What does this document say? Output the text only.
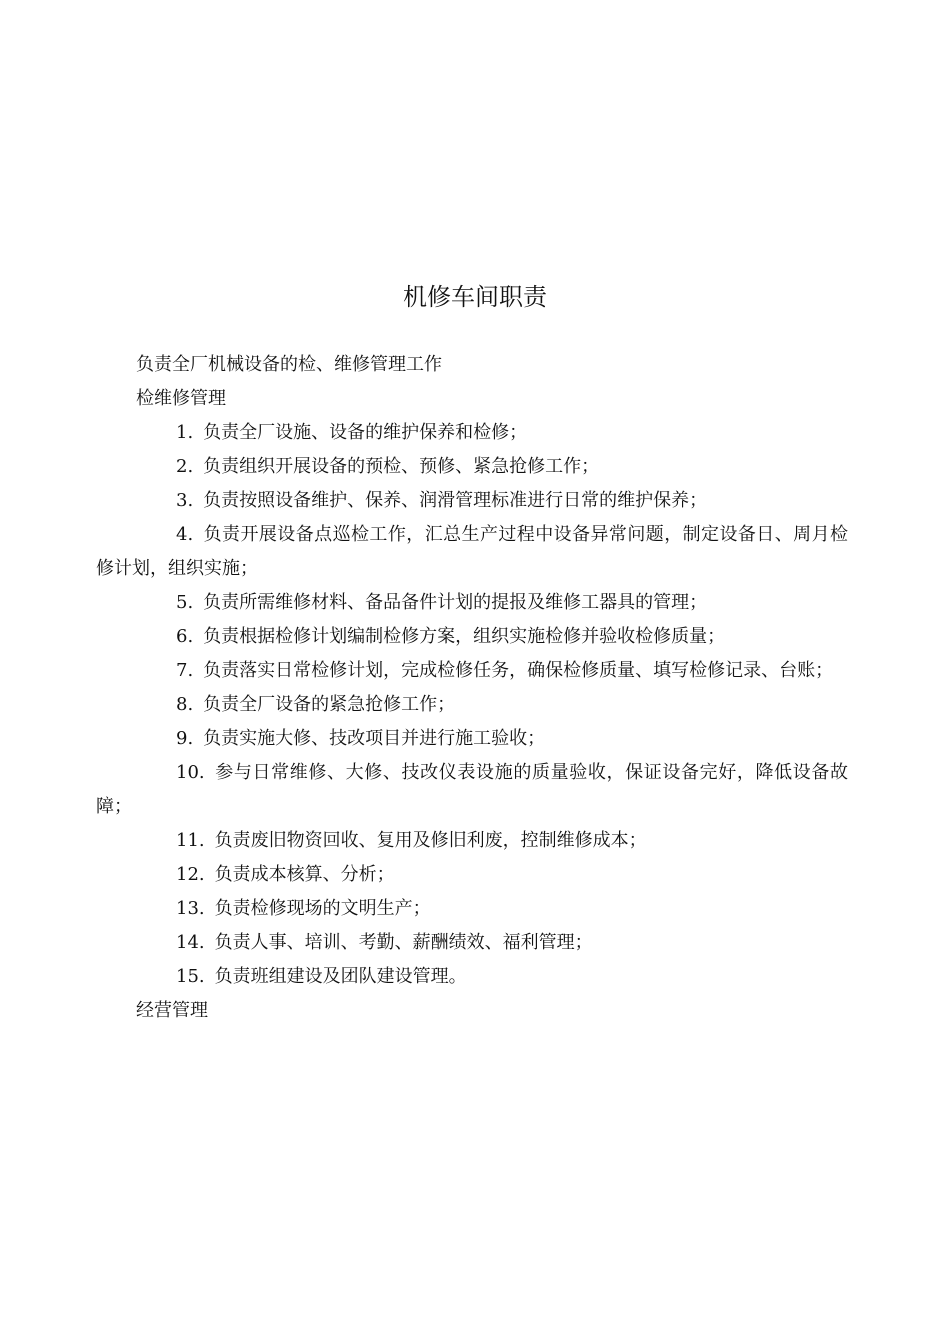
机修车间职责

负责全厂机械设备的检、维修管理工作

检维修管理

1. 负责全厂设施、设备的维护保养和检修；

2. 负责组织开展设备的预检、预修、紧急抢修工作；

3. 负责按照设备维护、保养、润滑管理标准进行日常的维护保养；

4. 负责开展设备点巡检工作，汇总生产过程中设备异常问题，制定设备日、周月检修计划，组织实施；

5. 负责所需维修材料、备品备件计划的提报及维修工器具的管理；

6. 负责根据检修计划编制检修方案，组织实施检修并验收检修质量；

7. 负责落实日常检修计划，完成检修任务，确保检修质量、填写检修记录、台账；

8. 负责全厂设备的紧急抢修工作；

9. 负责实施大修、技改项目并进行施工验收；

10. 参与日常维修、大修、技改仪表设施的质量验收，保证设备完好，降低设备故障；

11. 负责废旧物资回收、复用及修旧利废，控制维修成本；

12. 负责成本核算、分析；

13. 负责检修现场的文明生产；

14. 负责人事、培训、考勤、薪酬绩效、福利管理；

15. 负责班组建设及团队建设管理。

经营管理
